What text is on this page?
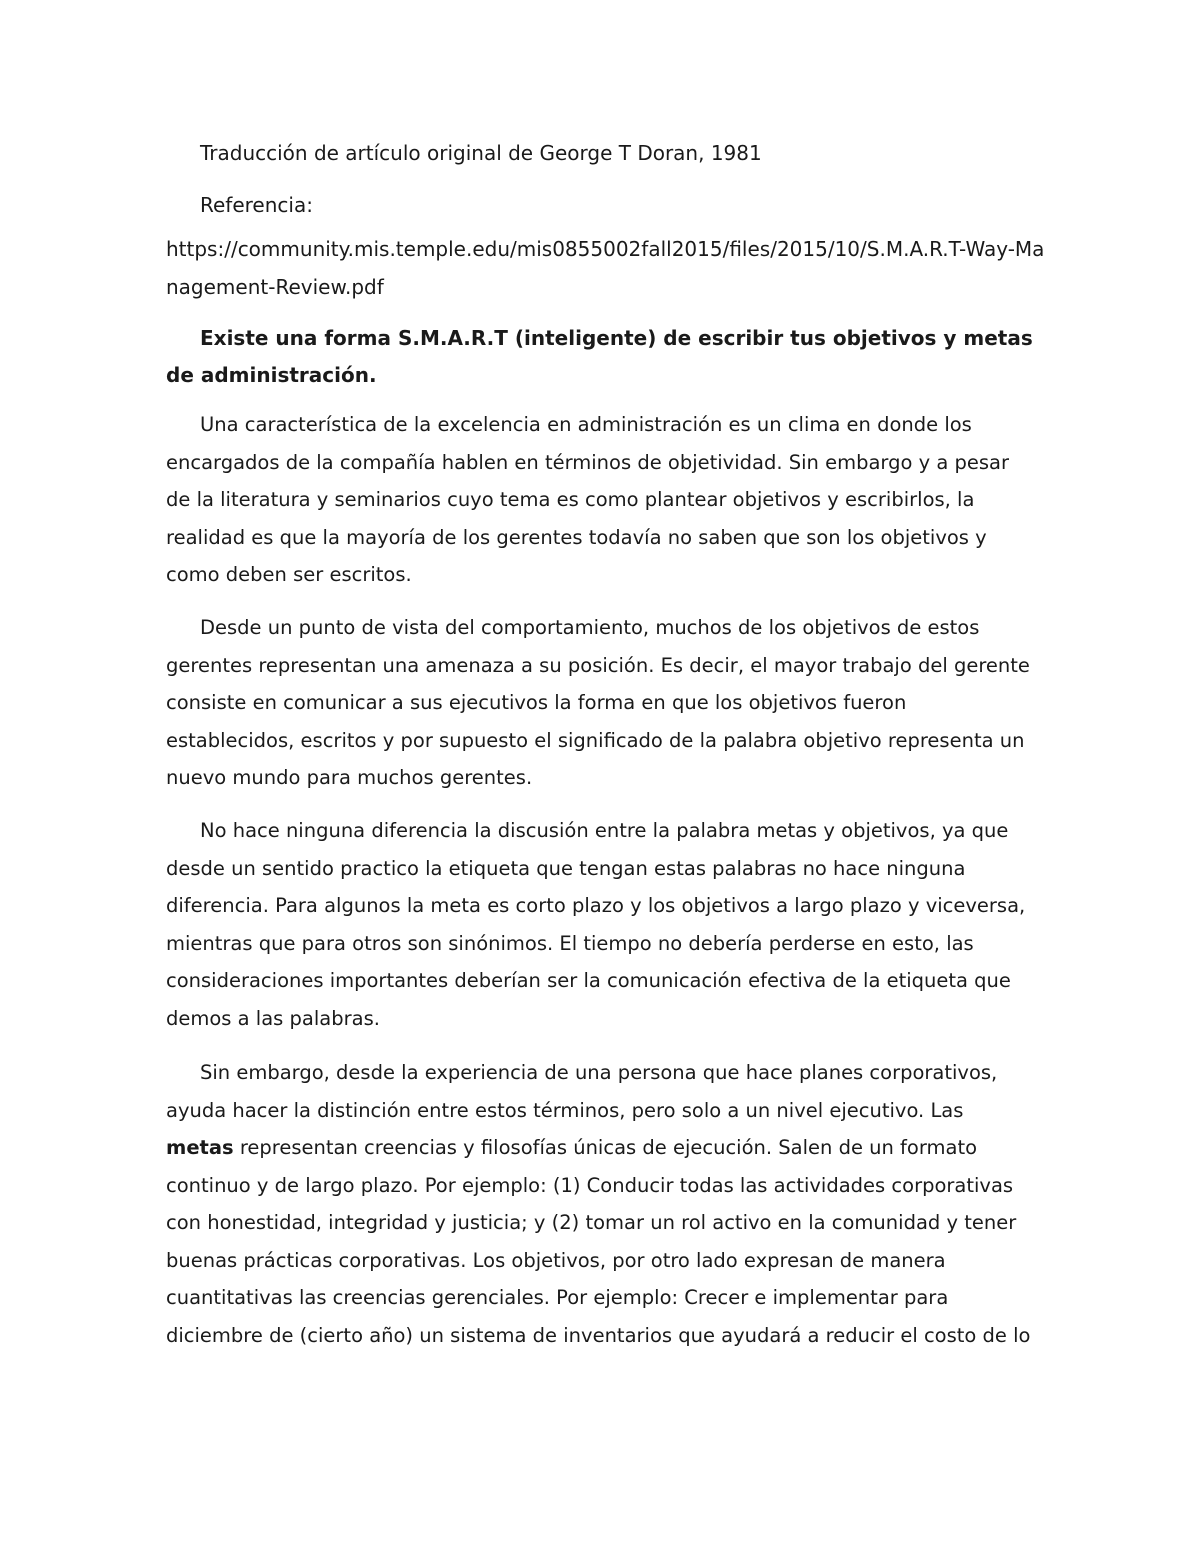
Traducción de artículo original de George T Doran, 1981
Referencia:
https://community.mis.temple.edu/mis0855002fall2015/files/2015/10/S.M.A.R.T-Way-Management-Review.pdf
Existe una forma S.M.A.R.T (inteligente) de escribir tus objetivos y metas de administración.
Una característica de la excelencia en administración es un clima en donde los encargados de la compañía hablen en términos de objetividad. Sin embargo y a pesar de la literatura y seminarios cuyo tema es como plantear objetivos y escribirlos, la realidad es que la mayoría de los gerentes todavía no saben que son los objetivos y como deben ser escritos.
Desde un punto de vista del comportamiento, muchos de los objetivos de estos gerentes representan una amenaza a su posición. Es decir, el mayor trabajo del gerente consiste en comunicar a sus ejecutivos la forma en que los objetivos fueron establecidos, escritos y por supuesto el significado de la palabra objetivo representa un nuevo mundo para muchos gerentes.
No hace ninguna diferencia la discusión entre la palabra metas y objetivos, ya que desde un sentido practico la etiqueta que tengan estas palabras no hace ninguna diferencia. Para algunos la meta es corto plazo y los objetivos a largo plazo y viceversa, mientras que para otros son sinónimos. El tiempo no debería perderse en esto, las consideraciones importantes deberían ser la comunicación efectiva de la etiqueta que demos a las palabras.
Sin embargo, desde la experiencia de una persona que hace planes corporativos, ayuda hacer la distinción entre estos términos, pero solo a un nivel ejecutivo. Las metas representan creencias y filosofías únicas de ejecución. Salen de un formato continuo y de largo plazo. Por ejemplo: (1) Conducir todas las actividades corporativas con honestidad, integridad y justicia; y (2) tomar un rol activo en la comunidad y tener buenas prácticas corporativas. Los objetivos, por otro lado expresan de manera cuantitativas las creencias gerenciales. Por ejemplo: Crecer e implementar para diciembre de (cierto año) un sistema de inventarios que ayudará a reducir el costo de lo
